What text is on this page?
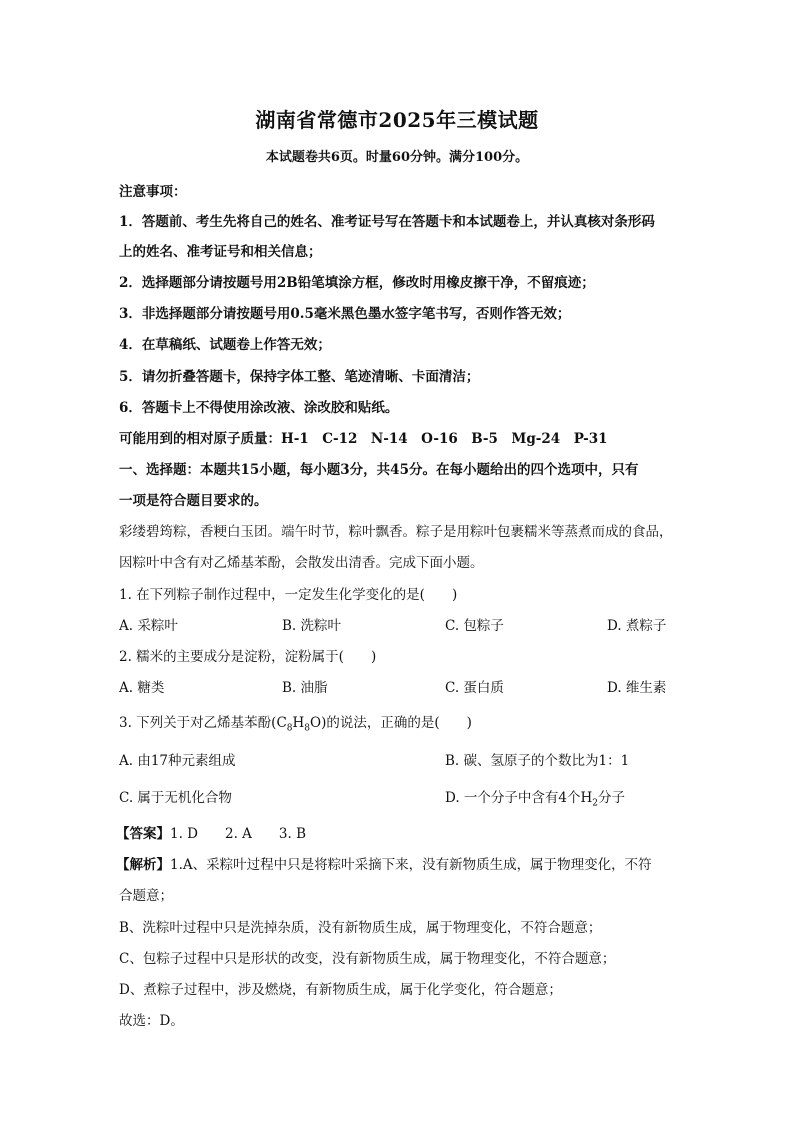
湖南省常德市2025年三模试题
本试题卷共6页。时量60分钟。满分100分。
注意事项：
1．答题前、考生先将自己的姓名、准考证号写在答题卡和本试题卷上，并认真核对条形码
上的姓名、准考证号和相关信息；
2．选择题部分请按题号用2B铅笔填涂方框，修改时用橡皮擦干净，不留痕迹；
3．非选择题部分请按题号用0.5毫米黑色墨水签字笔书写，否则作答无效；
4．在草稿纸、试题卷上作答无效；
5．请勿折叠答题卡，保持字体工整、笔迹清晰、卡面清洁；
6．答题卡上不得使用涂改液、涂改胶和贴纸。
可能用到的相对原子质量：H-1　C-12　N-14　O-16　B-5　Mg-24　P-31
一、选择题：本题共15小题，每小题3分，共45分。在每小题给出的四个选项中，只有
一项是符合题目要求的。
彩缕碧筠粽，香粳白玉团。端午时节，粽叶飘香。粽子是用粽叶包裹糯米等蒸煮而成的食品，
因粽叶中含有对乙烯基苯酚，会散发出清香。完成下面小题。
1. 在下列粽子制作过程中，一定发生化学变化的是(　　)
A. 采粽叶	B. 洗粽叶	C. 包粽子	D. 煮粽子
2. 糯米的主要成分是淀粉，淀粉属于(　　)
A. 糖类	B. 油脂	C. 蛋白质	D. 维生素
3. 下列关于对乙烯基苯酚$(C_8H_8O)$的说法，正确的是(　　)
A. 由17种元素组成	B. 碳、氢原子的个数比为1：1
C. 属于无机化合物	D. 一个分子中含有4个$H_2$分子
【答案】1. D　　2. A　　3. B
【解析】1.A、采粽叶过程中只是将粽叶采摘下来，没有新物质生成，属于物理变化，不符
合题意；
B、洗粽叶过程中只是洗掉杂质，没有新物质生成，属于物理变化，不符合题意；
C、包粽子过程中只是形状的改变，没有新物质生成，属于物理变化，不符合题意；
D、煮粽子过程中，涉及燃烧，有新物质生成，属于化学变化，符合题意；
故选：D。
